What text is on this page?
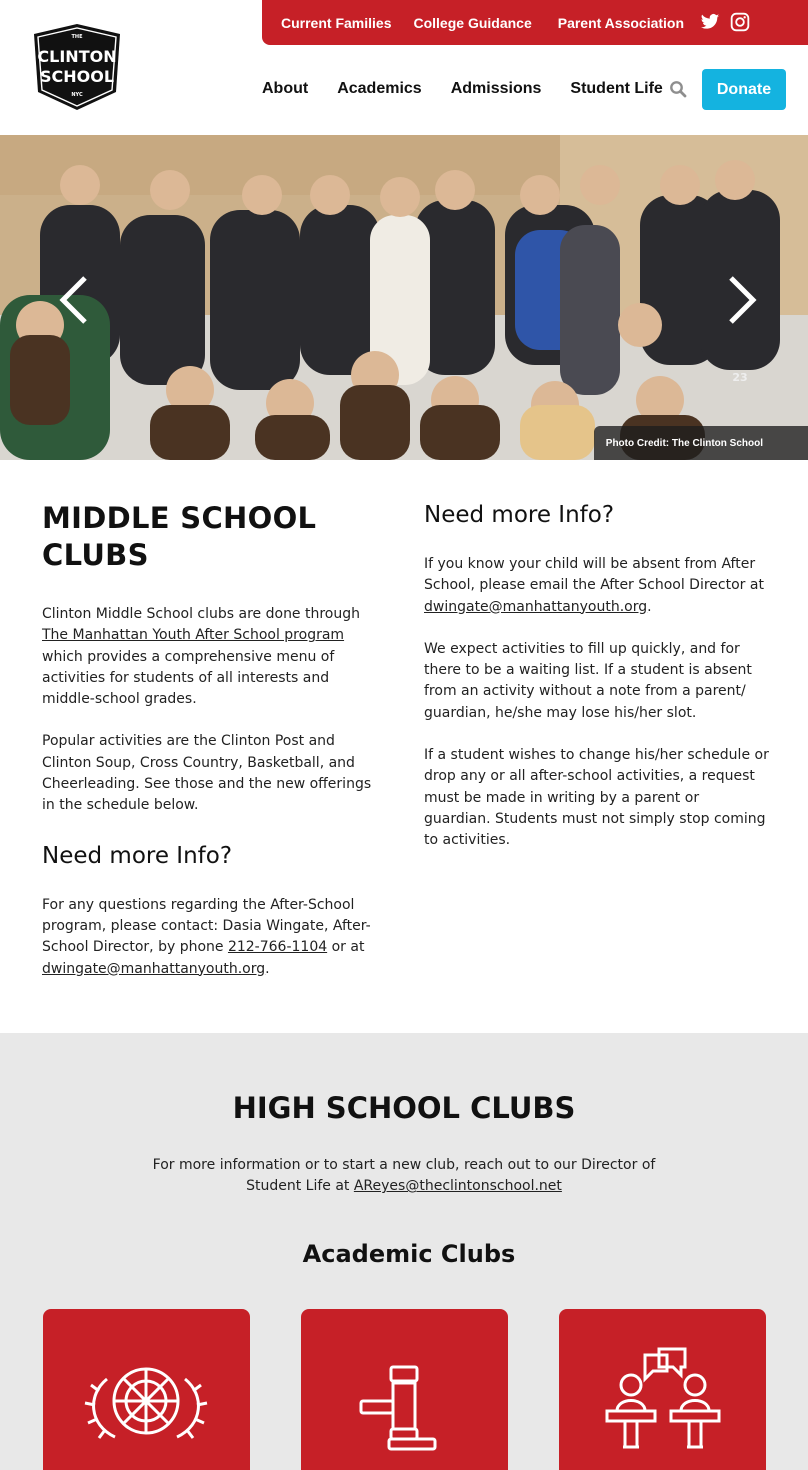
THE
CLINTON
SCHOOL
NYC
Current Families College Guidance Parent Association
About Academics Admissions Student Life	Donate
23
Photo Credit: The Clinton School
MIDDLE SCHOOL CLUBS

Clinton Middle School clubs are done through The Manhattan Youth After School program which provides a comprehensive menu of activities for students of all interests and middle-school grades.

Popular activities are the Clinton Post and Clinton Soup, Cross Country, Basketball, and Cheerleading. See those and the new offerings in the schedule below.

Need more Info?

For any questions regarding the After-School program, please contact: Dasia Wingate, After-School Director, by phone 212-766-1104 or at dwingate@manhattanyouth.org.

Need more Info?

If you know your child will be absent from After School, please email the After School Director at dwingate@manhattanyouth.org.

We expect activities to fill up quickly, and for there to be a waiting list. If a student is absent from an activity without a note from a parent/ guardian, he/she may lose his/her slot.

If a student wishes to change his/her schedule or drop any or all after-school activities, a request must be made in writing by a parent or guardian. Students must not simply stop coming to activities.

HIGH SCHOOL CLUBS

For more information or to start a new club, reach out to our Director of
Student Life at AReyes@theclintonschool.net

Academic Clubs
